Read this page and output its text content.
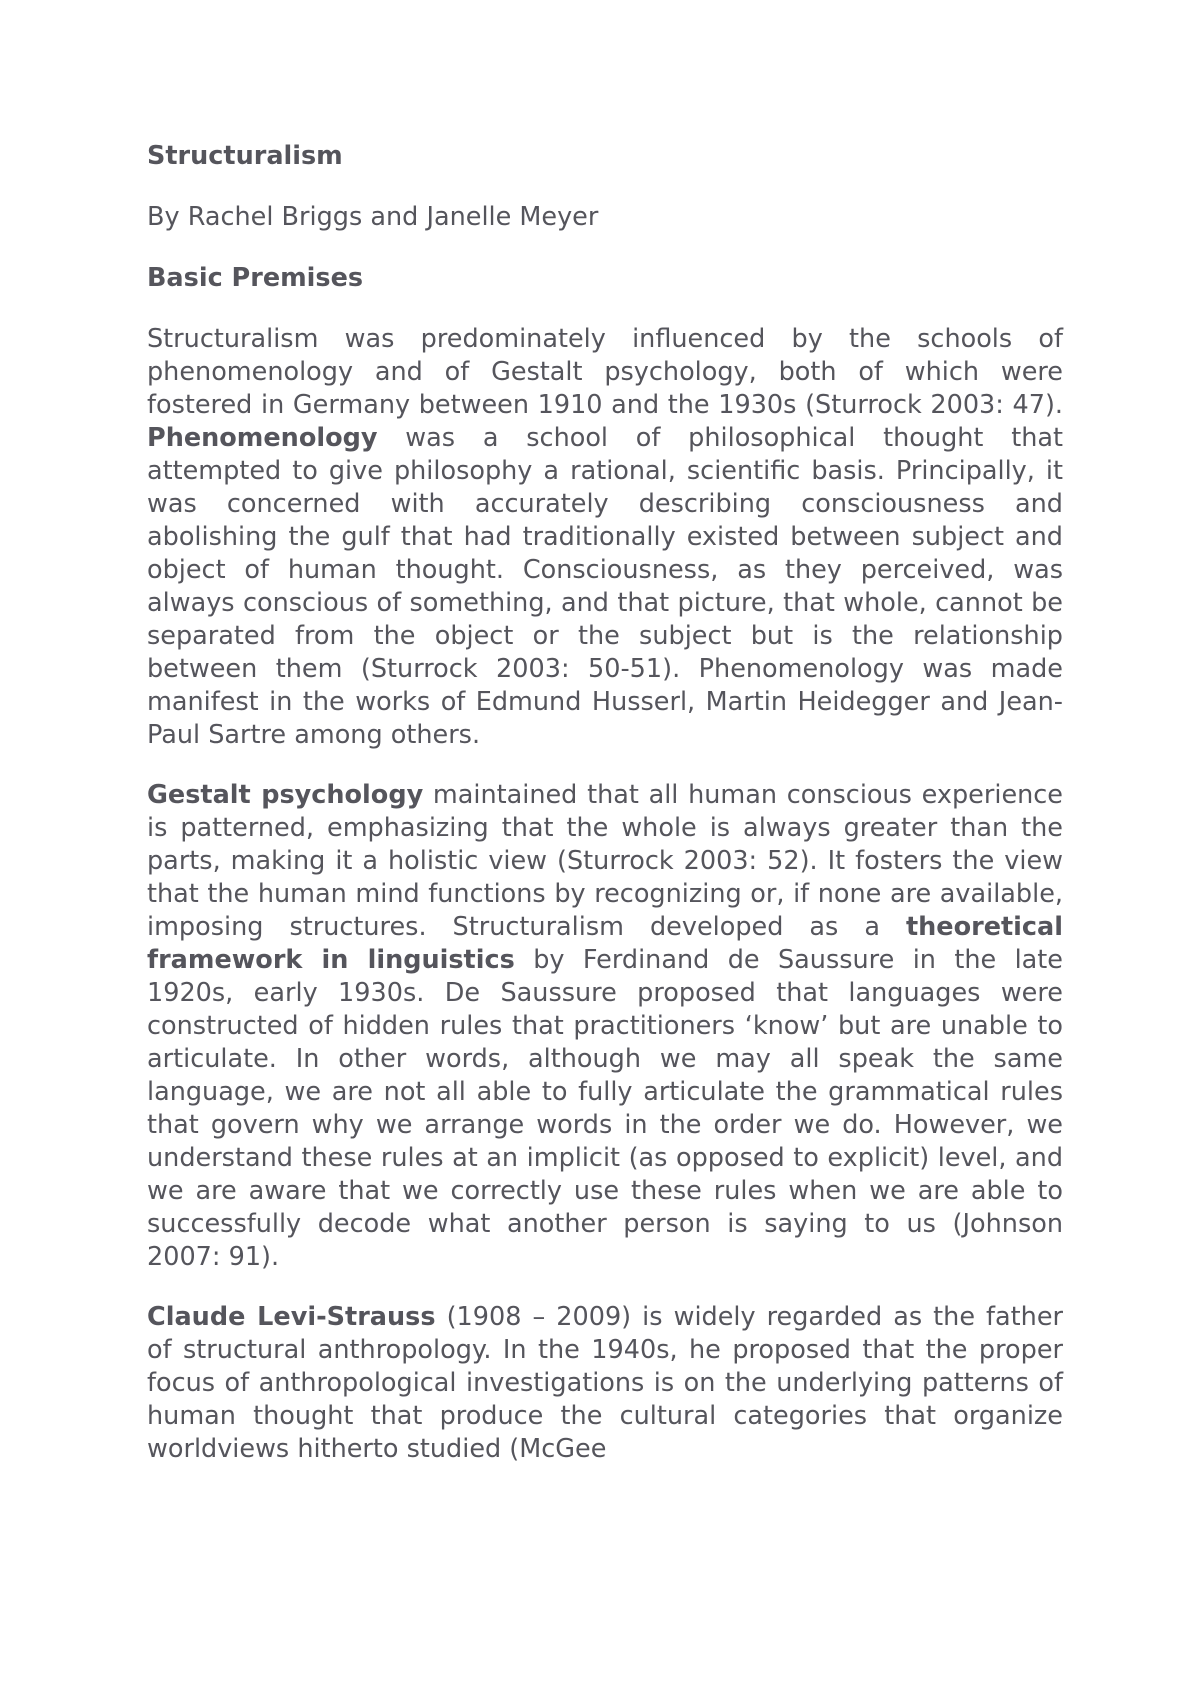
Structuralism
By Rachel Briggs and Janelle Meyer
Basic Premises

Structuralism was predominately influenced by the schools of phenomenology and of Gestalt psychology, both of which were fostered in Germany between 1910 and the 1930s (Sturrock 2003: 47). Phenomenology was a school of philosophical thought that attempted to give philosophy a rational, scientific basis. Principally, it was concerned with accurately describing consciousness and abolishing the gulf that had traditionally existed between subject and object of human thought. Consciousness, as they perceived, was always conscious of something, and that picture, that whole, cannot be separated from the object or the subject but is the relationship between them (Sturrock 2003: 50-51). Phenomenology was made manifest in the works of Edmund Husserl, Martin Heidegger and Jean-Paul Sartre among others.

Gestalt psychology maintained that all human conscious experience is patterned, emphasizing that the whole is always greater than the parts, making it a holistic view (Sturrock 2003: 52). It fosters the view that the human mind functions by recognizing or, if none are available, imposing structures. Structuralism developed as a theoretical framework in linguistics by Ferdinand de Saussure in the late 1920s, early 1930s. De Saussure proposed that languages were constructed of hidden rules that practitioners ‘know’ but are unable to articulate. In other words, although we may all speak the same language, we are not all able to fully articulate the grammatical rules that govern why we arrange words in the order we do. However, we understand these rules at an implicit (as opposed to explicit) level, and we are aware that we correctly use these rules when we are able to successfully decode what another person is saying to us (Johnson 2007: 91).

Claude Levi-Strauss (1908 – 2009) is widely regarded as the father of structural anthropology. In the 1940s, he proposed that the proper focus of anthropological investigations is on the underlying patterns of human thought that produce the cultural categories that organize worldviews hitherto studied (McGee
